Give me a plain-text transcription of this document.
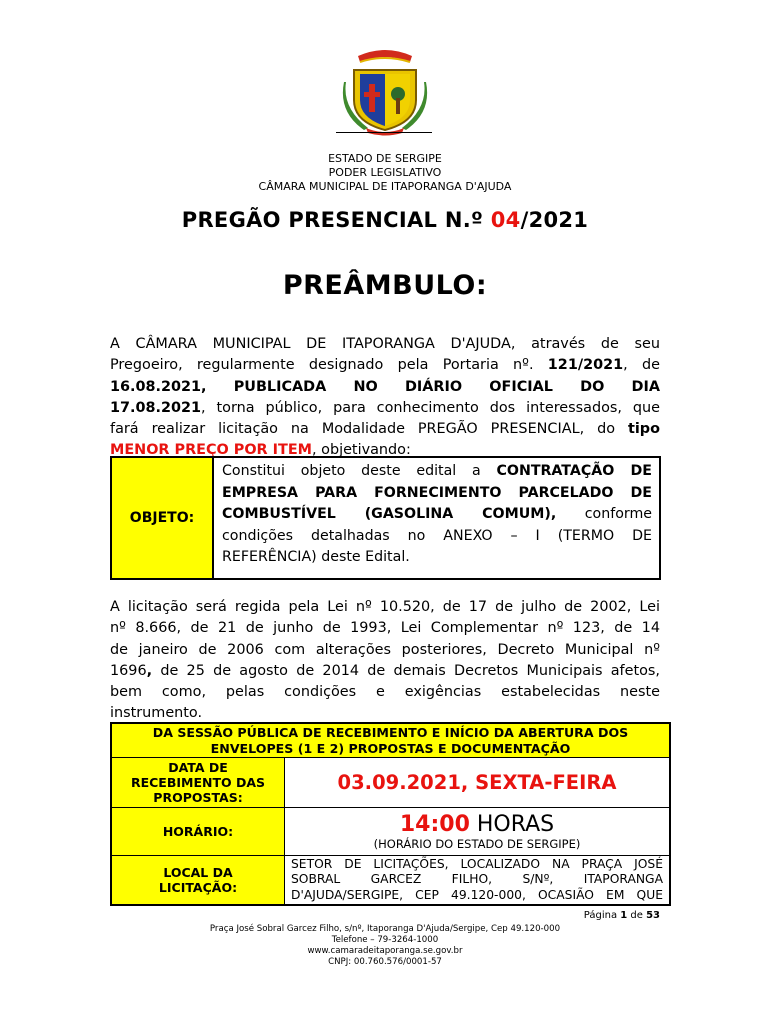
ESTADO DE SERGIPE
PODER LEGISLATIVO
CÂMARA MUNICIPAL DE ITAPORANGA D'AJUDA
PREGÃO PRESENCIAL N.º 04/2021
PREÂMBULO:
A CÂMARA MUNICIPAL DE ITAPORANGA D'AJUDA, através de seu
Pregoeiro, regularmente designado pela Portaria nº. 121/2021, de
16.08.2021, PUBLICADA NO DIÁRIO OFICIAL DO DIA
17.08.2021, torna público, para conhecimento dos interessados, que
fará realizar licitação na Modalidade PREGÃO PRESENCIAL, do tipo
MENOR PREÇO POR ITEM, objetivando:
OBJETO:
Constitui objeto deste edital a CONTRATAÇÃO DE
EMPRESA PARA FORNECIMENTO PARCELADO DE
COMBUSTÍVEL (GASOLINA COMUM), conforme
condições detalhadas no ANEXO – I (TERMO DE
REFERÊNCIA) deste Edital.
A licitação será regida pela Lei nº 10.520, de 17 de julho de 2002, Lei
nº 8.666, de 21 de junho de 1993, Lei Complementar nº 123, de 14
de janeiro de 2006 com alterações posteriores, Decreto Municipal nº
1696, de 25 de agosto de 2014 de demais Decretos Municipais afetos,
bem como, pelas condições e exigências estabelecidas neste
instrumento.
DA SESSÃO PÚBLICA DE RECEBIMENTO E INÍCIO DA ABERTURA DOS
ENVELOPES (1 E 2) PROPOSTAS E DOCUMENTAÇÃO
DATA DE
RECEBIMENTO DAS
PROPOSTAS:
03.09.2021, SEXTA-FEIRA
HORÁRIO:	14:00 HORAS
(HORÁRIO DO ESTADO DE SERGIPE)
LOCAL DA
LICITAÇÃO:
SETOR DE LICITAÇÕES, LOCALIZADO NA PRAÇA JOSÉ
SOBRAL GARCEZ FILHO, S/Nº, ITAPORANGA
D'AJUDA/SERGIPE, CEP 49.120-000, OCASIÃO EM QUE
Página 1 de 53
Praça José Sobral Garcez Filho, s/nº, Itaporanga D'Ajuda/Sergipe, Cep 49.120-000
Telefone – 79-3264-1000
www.camaradeitaporanga.se.gov.br
CNPJ: 00.760.576/0001-57
